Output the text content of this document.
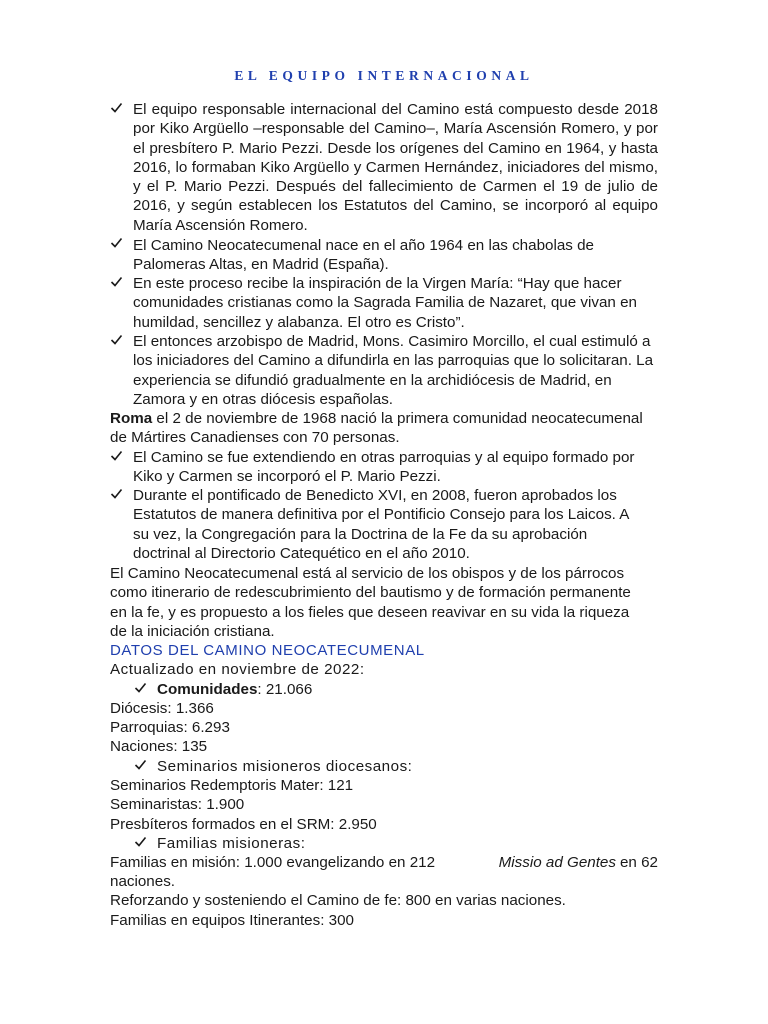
EL EQUIPO INTERNACIONAL
El equipo responsable internacional del Camino está compuesto desde 2018 por Kiko Argüello –responsable del Camino–, María Ascensión Romero, y por el presbítero P. Mario Pezzi. Desde los orígenes del Camino en 1964, y hasta 2016, lo formaban Kiko Argüello y Carmen Hernández, iniciadores del mismo, y el P. Mario Pezzi. Después del fallecimiento de Carmen el 19 de julio de 2016, y según establecen los Estatutos del Camino, se incorporó al equipo María Ascensión Romero.
El Camino Neocatecumenal nace en el año 1964 en las chabolas de Palomeras Altas, en Madrid (España).
En este proceso recibe la inspiración de la Virgen María: “Hay que hacer comunidades cristianas como la Sagrada Familia de Nazaret, que vivan en humildad, sencillez y alabanza. El otro es Cristo”.
El entonces arzobispo de Madrid, Mons. Casimiro Morcillo, el cual estimuló a los iniciadores del Camino a difundirla en las parroquias que lo solicitaran. La experiencia se difundió gradualmente en la archidiócesis de Madrid, en Zamora y en otras diócesis españolas.
Roma el 2 de noviembre de 1968 nació la primera comunidad neocatecumenal de Mártires Canadienses con 70 personas.
El Camino se fue extendiendo en otras parroquias y al equipo formado por Kiko y Carmen se incorporó el P. Mario Pezzi.
Durante el pontificado de Benedicto XVI, en 2008, fueron aprobados los Estatutos de manera definitiva por el Pontificio Consejo para los Laicos. A su vez, la Congregación para la Doctrina de la Fe da su aprobación doctrinal al Directorio Catequético en el año 2010.
El Camino Neocatecumenal está al servicio de los obispos y de los párrocos como itinerario de redescubrimiento del bautismo y de formación permanente en la fe, y es propuesto a los fieles que deseen reavivar en su vida la riqueza de la iniciación cristiana.
DATOS DEL CAMINO NEOCATECUMENAL
Actualizado en noviembre de 2022:
Comunidades: 21.066
Diócesis: 1.366
Parroquias: 6.293
Naciones: 135
Seminarios misioneros diocesanos:
Seminarios Redemptoris Mater: 121
Seminaristas: 1.900
Presbíteros formados en el SRM: 2.950
Familias misioneras:
Familias en misión: 1.000 evangelizando en 212	Missio ad Gentes en 62
naciones.
Reforzando y sosteniendo el Camino de fe: 800 en varias naciones.
Familias en equipos Itinerantes: 300
